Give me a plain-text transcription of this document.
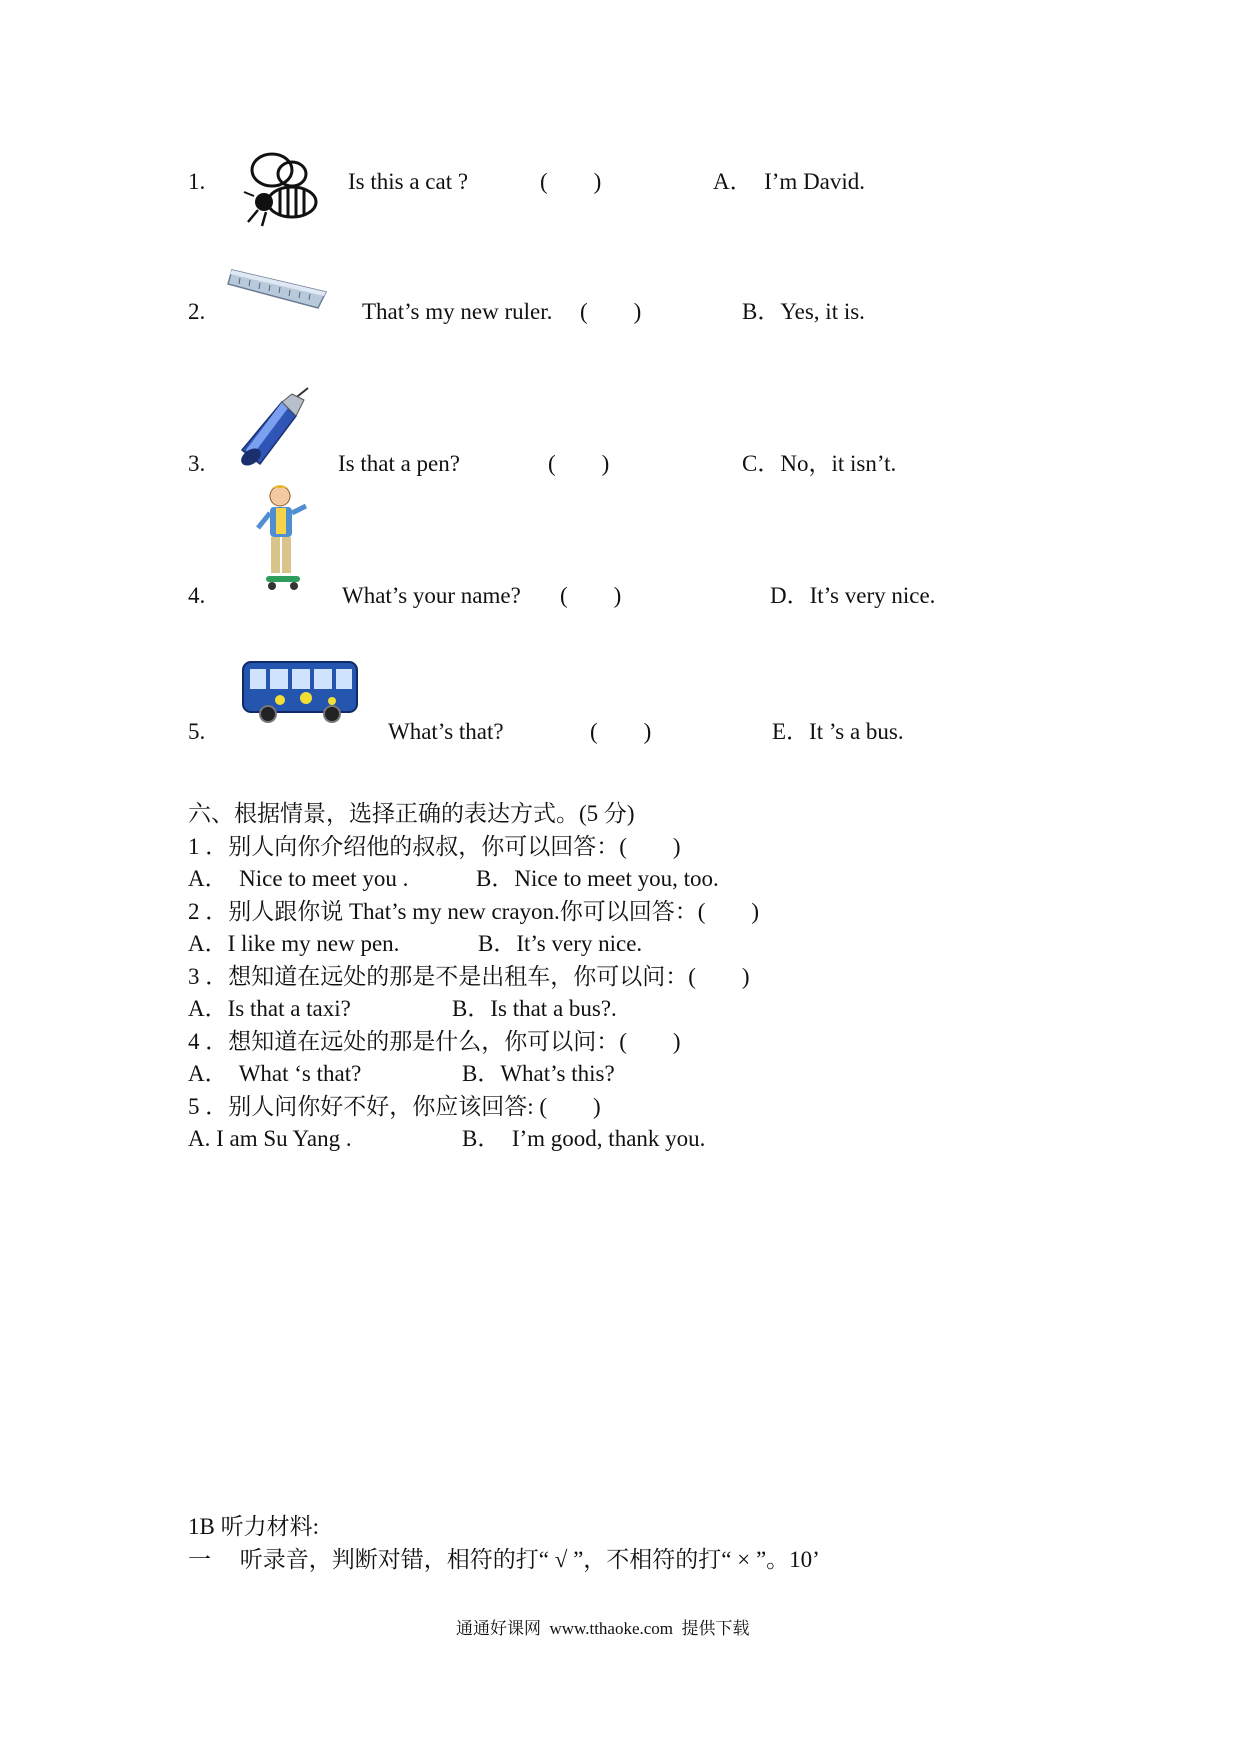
1.	Is this a cat ?	(　　)	A．  I’m David.
2.	That’s my new ruler. (　　)	B．Yes, it is.
3.	Is that a pen?	(　　)	C．No，it isn’t.
4.	What’s your name? (　　)	D．It’s very nice.
5.	What’s that?	(　　)	E．It ’s a bus.
六、根据情景，选择正确的表达方式。(5 分)
1 ．别人向你介绍他的叔叔，你可以回答：(　　)
A．  Nice to meet you .	B．Nice to meet you, too.
2 ．别人跟你说 That’s my new crayon.你可以回答：(　　)
A．I like my new pen.	B．It’s very nice.
3 ．想知道在远处的那是不是出租车，你可以问：(　　)
A．Is that a taxi?	B．Is that a bus?.
4 ．想知道在远处的那是什么，你可以问：(　　)
A．  What ‘s that?	B．What’s this?
5 ．别人问你好不好，你应该回答: (　　)
A. I am Su Yang .	B．  I’m good, thank you.
1B 听力材料:
一　 听录音，判断对错，相符的打“ √ ”，不相符的打“ × ”。10’
通通好课网  www.tthaoke.com  提供下载
